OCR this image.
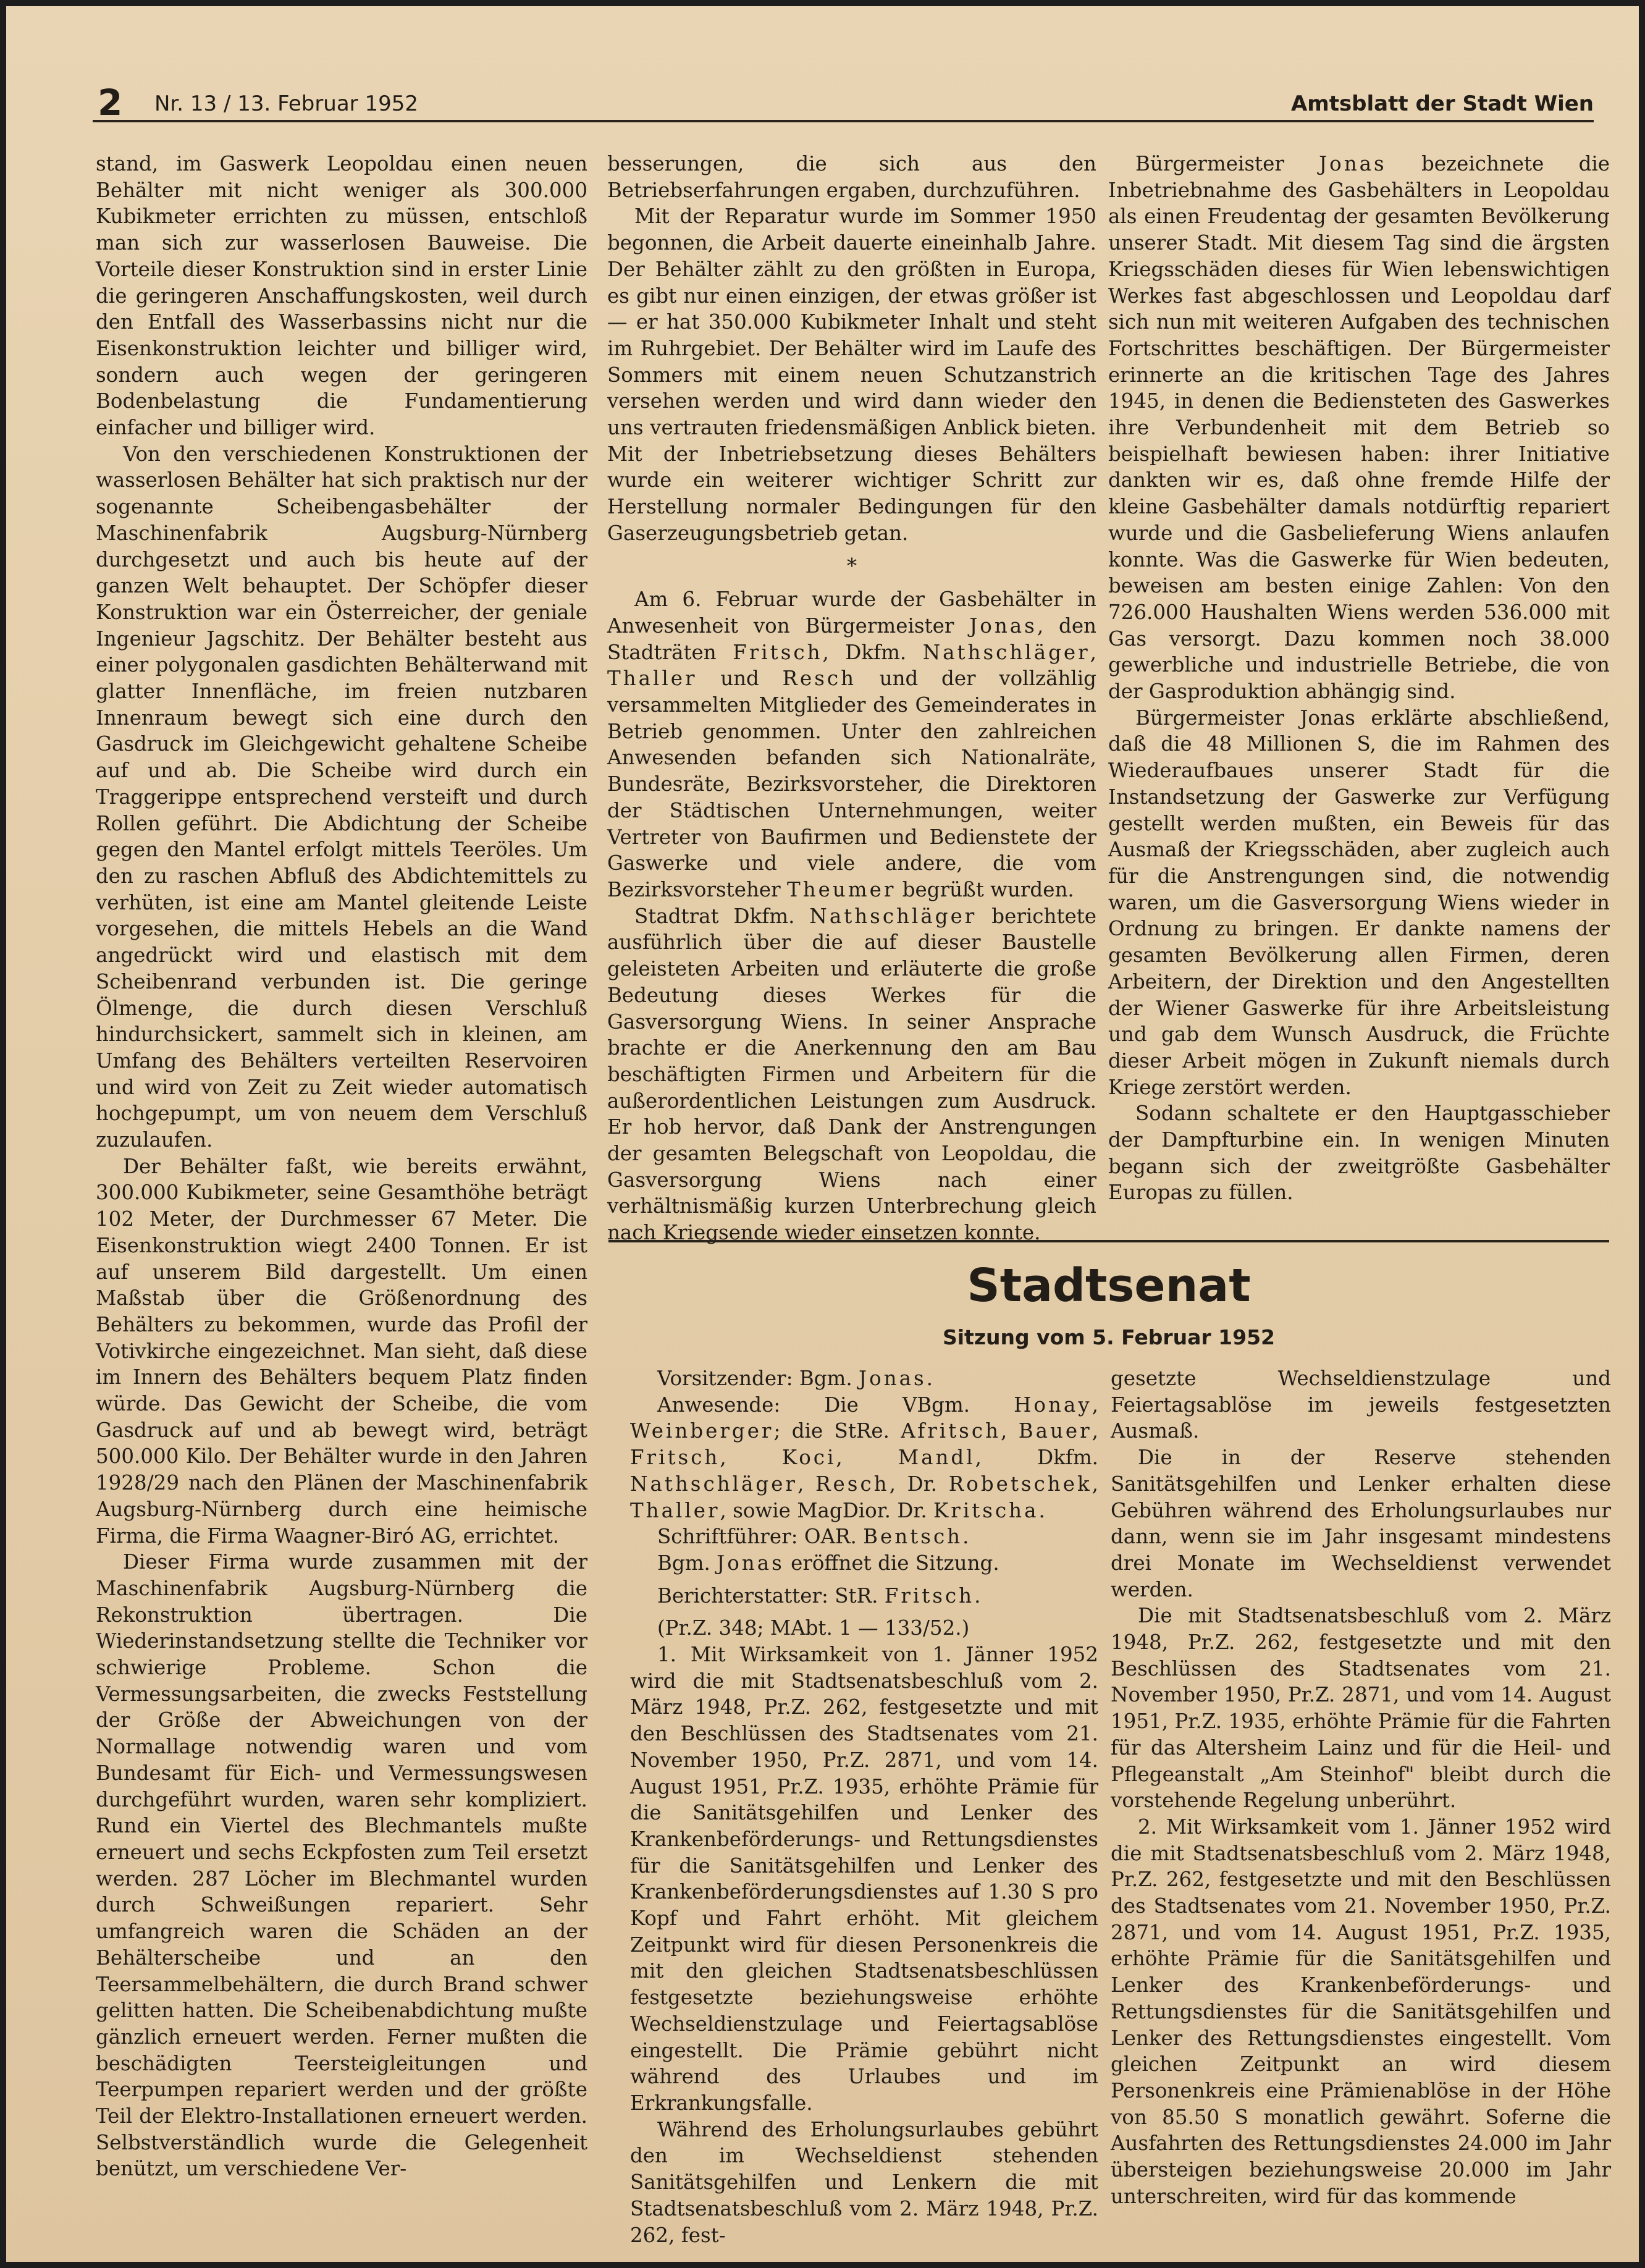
2 Nr. 13 / 13. Februar 1952	Amtsblatt der Stadt Wien

stand, im Gaswerk Leopoldau einen neuen Behälter mit nicht weniger als 300.000 Kubikmeter errichten zu müssen, entschloß man sich zur wasserlosen Bauweise. Die Vorteile dieser Konstruktion sind in erster Linie die geringeren Anschaffungskosten, weil durch den Entfall des Wasserbassins nicht nur die Eisenkonstruktion leichter und billiger wird, sondern auch wegen der geringeren Bodenbelastung die Fundamentierung einfacher und billiger wird.

Von den verschiedenen Konstruktionen der wasserlosen Behälter hat sich praktisch nur der sogenannte Scheibengasbehälter der Maschinenfabrik Augsburg-Nürnberg durchgesetzt und auch bis heute auf der ganzen Welt behauptet. Der Schöpfer dieser Konstruktion war ein Österreicher, der geniale Ingenieur Jagschitz. Der Behälter besteht aus einer polygonalen gasdichten Behälterwand mit glatter Innenfläche, im freien nutzbaren Innenraum bewegt sich eine durch den Gasdruck im Gleichgewicht gehaltene Scheibe auf und ab. Die Scheibe wird durch ein Traggerippe entsprechend versteift und durch Rollen geführt. Die Abdichtung der Scheibe gegen den Mantel erfolgt mittels Teeröles. Um den zu raschen Abfluß des Abdichtemittels zu verhüten, ist eine am Mantel gleitende Leiste vorgesehen, die mittels Hebels an die Wand angedrückt wird und elastisch mit dem Scheibenrand verbunden ist. Die geringe Ölmenge, die durch diesen Verschluß hindurchsickert, sammelt sich in kleinen, am Umfang des Behälters verteilten Reservoiren und wird von Zeit zu Zeit wieder automatisch hochgepumpt, um von neuem dem Verschluß zuzulaufen.

Der Behälter faßt, wie bereits erwähnt, 300.000 Kubikmeter, seine Gesamthöhe beträgt 102 Meter, der Durchmesser 67 Meter. Die Eisenkonstruktion wiegt 2400 Tonnen. Er ist auf unserem Bild dargestellt. Um einen Maßstab über die Größenordnung des Behälters zu bekommen, wurde das Profil der Votivkirche eingezeichnet. Man sieht, daß diese im Innern des Behälters bequem Platz finden würde. Das Gewicht der Scheibe, die vom Gasdruck auf und ab bewegt wird, beträgt 500.000 Kilo. Der Behälter wurde in den Jahren 1928/29 nach den Plänen der Maschinenfabrik Augsburg-Nürnberg durch eine heimische Firma, die Firma Waagner-Biró AG, errichtet.

Dieser Firma wurde zusammen mit der Maschinenfabrik Augsburg-Nürnberg die Rekonstruktion übertragen. Die Wiederinstandsetzung stellte die Techniker vor schwierige Probleme. Schon die Vermessungsarbeiten, die zwecks Feststellung der Größe der Abweichungen von der Normallage notwendig waren und vom Bundesamt für Eich- und Vermessungswesen durchgeführt wurden, waren sehr kompliziert. Rund ein Viertel des Blechmantels mußte erneuert und sechs Eckpfosten zum Teil ersetzt werden. 287 Löcher im Blechmantel wurden durch Schweißungen repariert. Sehr umfangreich waren die Schäden an der Behälterscheibe und an den Teersammelbehältern, die durch Brand schwer gelitten hatten. Die Scheibenabdichtung mußte gänzlich erneuert werden. Ferner mußten die beschädigten Teersteigleitungen und Teerpumpen repariert werden und der größte Teil der Elektro-Installationen erneuert werden. Selbstverständlich wurde die Gelegenheit benützt, um verschiedene Ver-

besserungen, die sich aus den Betriebserfahrungen ergaben, durchzuführen.

Mit der Reparatur wurde im Sommer 1950 begonnen, die Arbeit dauerte eineinhalb Jahre. Der Behälter zählt zu den größten in Europa, es gibt nur einen einzigen, der etwas größer ist — er hat 350.000 Kubikmeter Inhalt und steht im Ruhrgebiet. Der Behälter wird im Laufe des Sommers mit einem neuen Schutzanstrich versehen werden und wird dann wieder den uns vertrauten friedensmäßigen Anblick bieten. Mit der Inbetriebsetzung dieses Behälters wurde ein weiterer wichtiger Schritt zur Herstellung normaler Bedingungen für den Gaserzeugungsbetrieb getan.

*

Am 6. Februar wurde der Gasbehälter in Anwesenheit von Bürgermeister Jonas, den Stadträten Fritsch, Dkfm. Nathschläger, Thaller und Resch und der vollzählig versammelten Mitglieder des Gemeinderates in Betrieb genommen. Unter den zahlreichen Anwesenden befanden sich Nationalräte, Bundesräte, Bezirksvorsteher, die Direktoren der Städtischen Unternehmungen, weiter Vertreter von Baufirmen und Bedienstete der Gaswerke und viele andere, die vom Bezirksvorsteher Theumer begrüßt wurden.

Stadtrat Dkfm. Nathschläger berichtete ausführlich über die auf dieser Baustelle geleisteten Arbeiten und erläuterte die große Bedeutung dieses Werkes für die Gasversorgung Wiens. In seiner Ansprache brachte er die Anerkennung den am Bau beschäftigten Firmen und Arbeitern für die außerordentlichen Leistungen zum Ausdruck. Er hob hervor, daß Dank der Anstrengungen der gesamten Belegschaft von Leopoldau, die Gasversorgung Wiens nach einer verhältnismäßig kurzen Unterbrechung gleich nach Kriegsende wieder einsetzen konnte.

Bürgermeister Jonas bezeichnete die Inbetriebnahme des Gasbehälters in Leopoldau als einen Freudentag der gesamten Bevölkerung unserer Stadt. Mit diesem Tag sind die ärgsten Kriegsschäden dieses für Wien lebenswichtigen Werkes fast abgeschlossen und Leopoldau darf sich nun mit weiteren Aufgaben des technischen Fortschrittes beschäftigen. Der Bürgermeister erinnerte an die kritischen Tage des Jahres 1945, in denen die Bediensteten des Gaswerkes ihre Verbundenheit mit dem Betrieb so beispielhaft bewiesen haben: ihrer Initiative dankten wir es, daß ohne fremde Hilfe der kleine Gasbehälter damals notdürftig repariert wurde und die Gasbelieferung Wiens anlaufen konnte. Was die Gaswerke für Wien bedeuten, beweisen am besten einige Zahlen: Von den 726.000 Haushalten Wiens werden 536.000 mit Gas versorgt. Dazu kommen noch 38.000 gewerbliche und industrielle Betriebe, die von der Gasproduktion abhängig sind.

Bürgermeister Jonas erklärte abschließend, daß die 48 Millionen S, die im Rahmen des Wiederaufbaues unserer Stadt für die Instandsetzung der Gaswerke zur Verfügung gestellt werden mußten, ein Beweis für das Ausmaß der Kriegsschäden, aber zugleich auch für die Anstrengungen sind, die notwendig waren, um die Gasversorgung Wiens wieder in Ordnung zu bringen. Er dankte namens der gesamten Bevölkerung allen Firmen, deren Arbeitern, der Direktion und den Angestellten der Wiener Gaswerke für ihre Arbeitsleistung und gab dem Wunsch Ausdruck, die Früchte dieser Arbeit mögen in Zukunft niemals durch Kriege zerstört werden.

Sodann schaltete er den Hauptgasschieber der Dampfturbine ein. In wenigen Minuten begann sich der zweitgrößte Gasbehälter Europas zu füllen.

Stadtsenat
Sitzung vom 5. Februar 1952

Vorsitzender: Bgm. Jonas.

Anwesende: Die VBgm. Honay, Weinberger; die StRe. Afritsch, Bauer, Fritsch, Koci, Mandl, Dkfm. Nathschläger, Resch, Dr. Robetschek, Thaller, sowie MagDior. Dr. Kritscha.

Schriftführer: OAR. Bentsch.

Bgm. Jonas eröffnet die Sitzung.

Berichterstatter: StR. Fritsch.

(Pr.Z. 348; MAbt. 1 — 133/52.)

1. Mit Wirksamkeit von 1. Jänner 1952 wird die mit Stadtsenatsbeschluß vom 2. März 1948, Pr.Z. 262, festgesetzte und mit den Beschlüssen des Stadtsenates vom 21. November 1950, Pr.Z. 2871, und vom 14. August 1951, Pr.Z. 1935, erhöhte Prämie für die Sanitätsgehilfen und Lenker des Krankenbeförderungs- und Rettungsdienstes für die Sanitätsgehilfen und Lenker des Krankenbeförderungsdienstes auf 1.30 S pro Kopf und Fahrt erhöht. Mit gleichem Zeitpunkt wird für diesen Personenkreis die mit den gleichen Stadtsenatsbeschlüssen festgesetzte beziehungsweise erhöhte Wechseldienstzulage und Feiertagsablöse eingestellt. Die Prämie gebührt nicht während des Urlaubes und im Erkrankungsfalle.

Während des Erholungsurlaubes gebührt den im Wechseldienst stehenden Sanitätsgehilfen und Lenkern die mit Stadtsenatsbeschluß vom 2. März 1948, Pr.Z. 262, fest-

gesetzte Wechseldienstzulage und Feiertagsablöse im jeweils festgesetzten Ausmaß.

Die in der Reserve stehenden Sanitätsgehilfen und Lenker erhalten diese Gebühren während des Erholungsurlaubes nur dann, wenn sie im Jahr insgesamt mindestens drei Monate im Wechseldienst verwendet werden.

Die mit Stadtsenatsbeschluß vom 2. März 1948, Pr.Z. 262, festgesetzte und mit den Beschlüssen des Stadtsenates vom 21. November 1950, Pr.Z. 2871, und vom 14. August 1951, Pr.Z. 1935, erhöhte Prämie für die Fahrten für das Altersheim Lainz und für die Heil- und Pflegeanstalt „Am Steinhof" bleibt durch die vorstehende Regelung unberührt.

2. Mit Wirksamkeit vom 1. Jänner 1952 wird die mit Stadtsenatsbeschluß vom 2. März 1948, Pr.Z. 262, festgesetzte und mit den Beschlüssen des Stadtsenates vom 21. November 1950, Pr.Z. 2871, und vom 14. August 1951, Pr.Z. 1935, erhöhte Prämie für die Sanitätsgehilfen und Lenker des Krankenbeförderungs- und Rettungsdienstes für die Sanitätsgehilfen und Lenker des Rettungsdienstes eingestellt. Vom gleichen Zeitpunkt an wird diesem Personenkreis eine Prämienablöse in der Höhe von 85.50 S monatlich gewährt. Soferne die Ausfahrten des Rettungsdienstes 24.000 im Jahr übersteigen beziehungsweise 20.000 im Jahr unterschreiten, wird für das kommende
